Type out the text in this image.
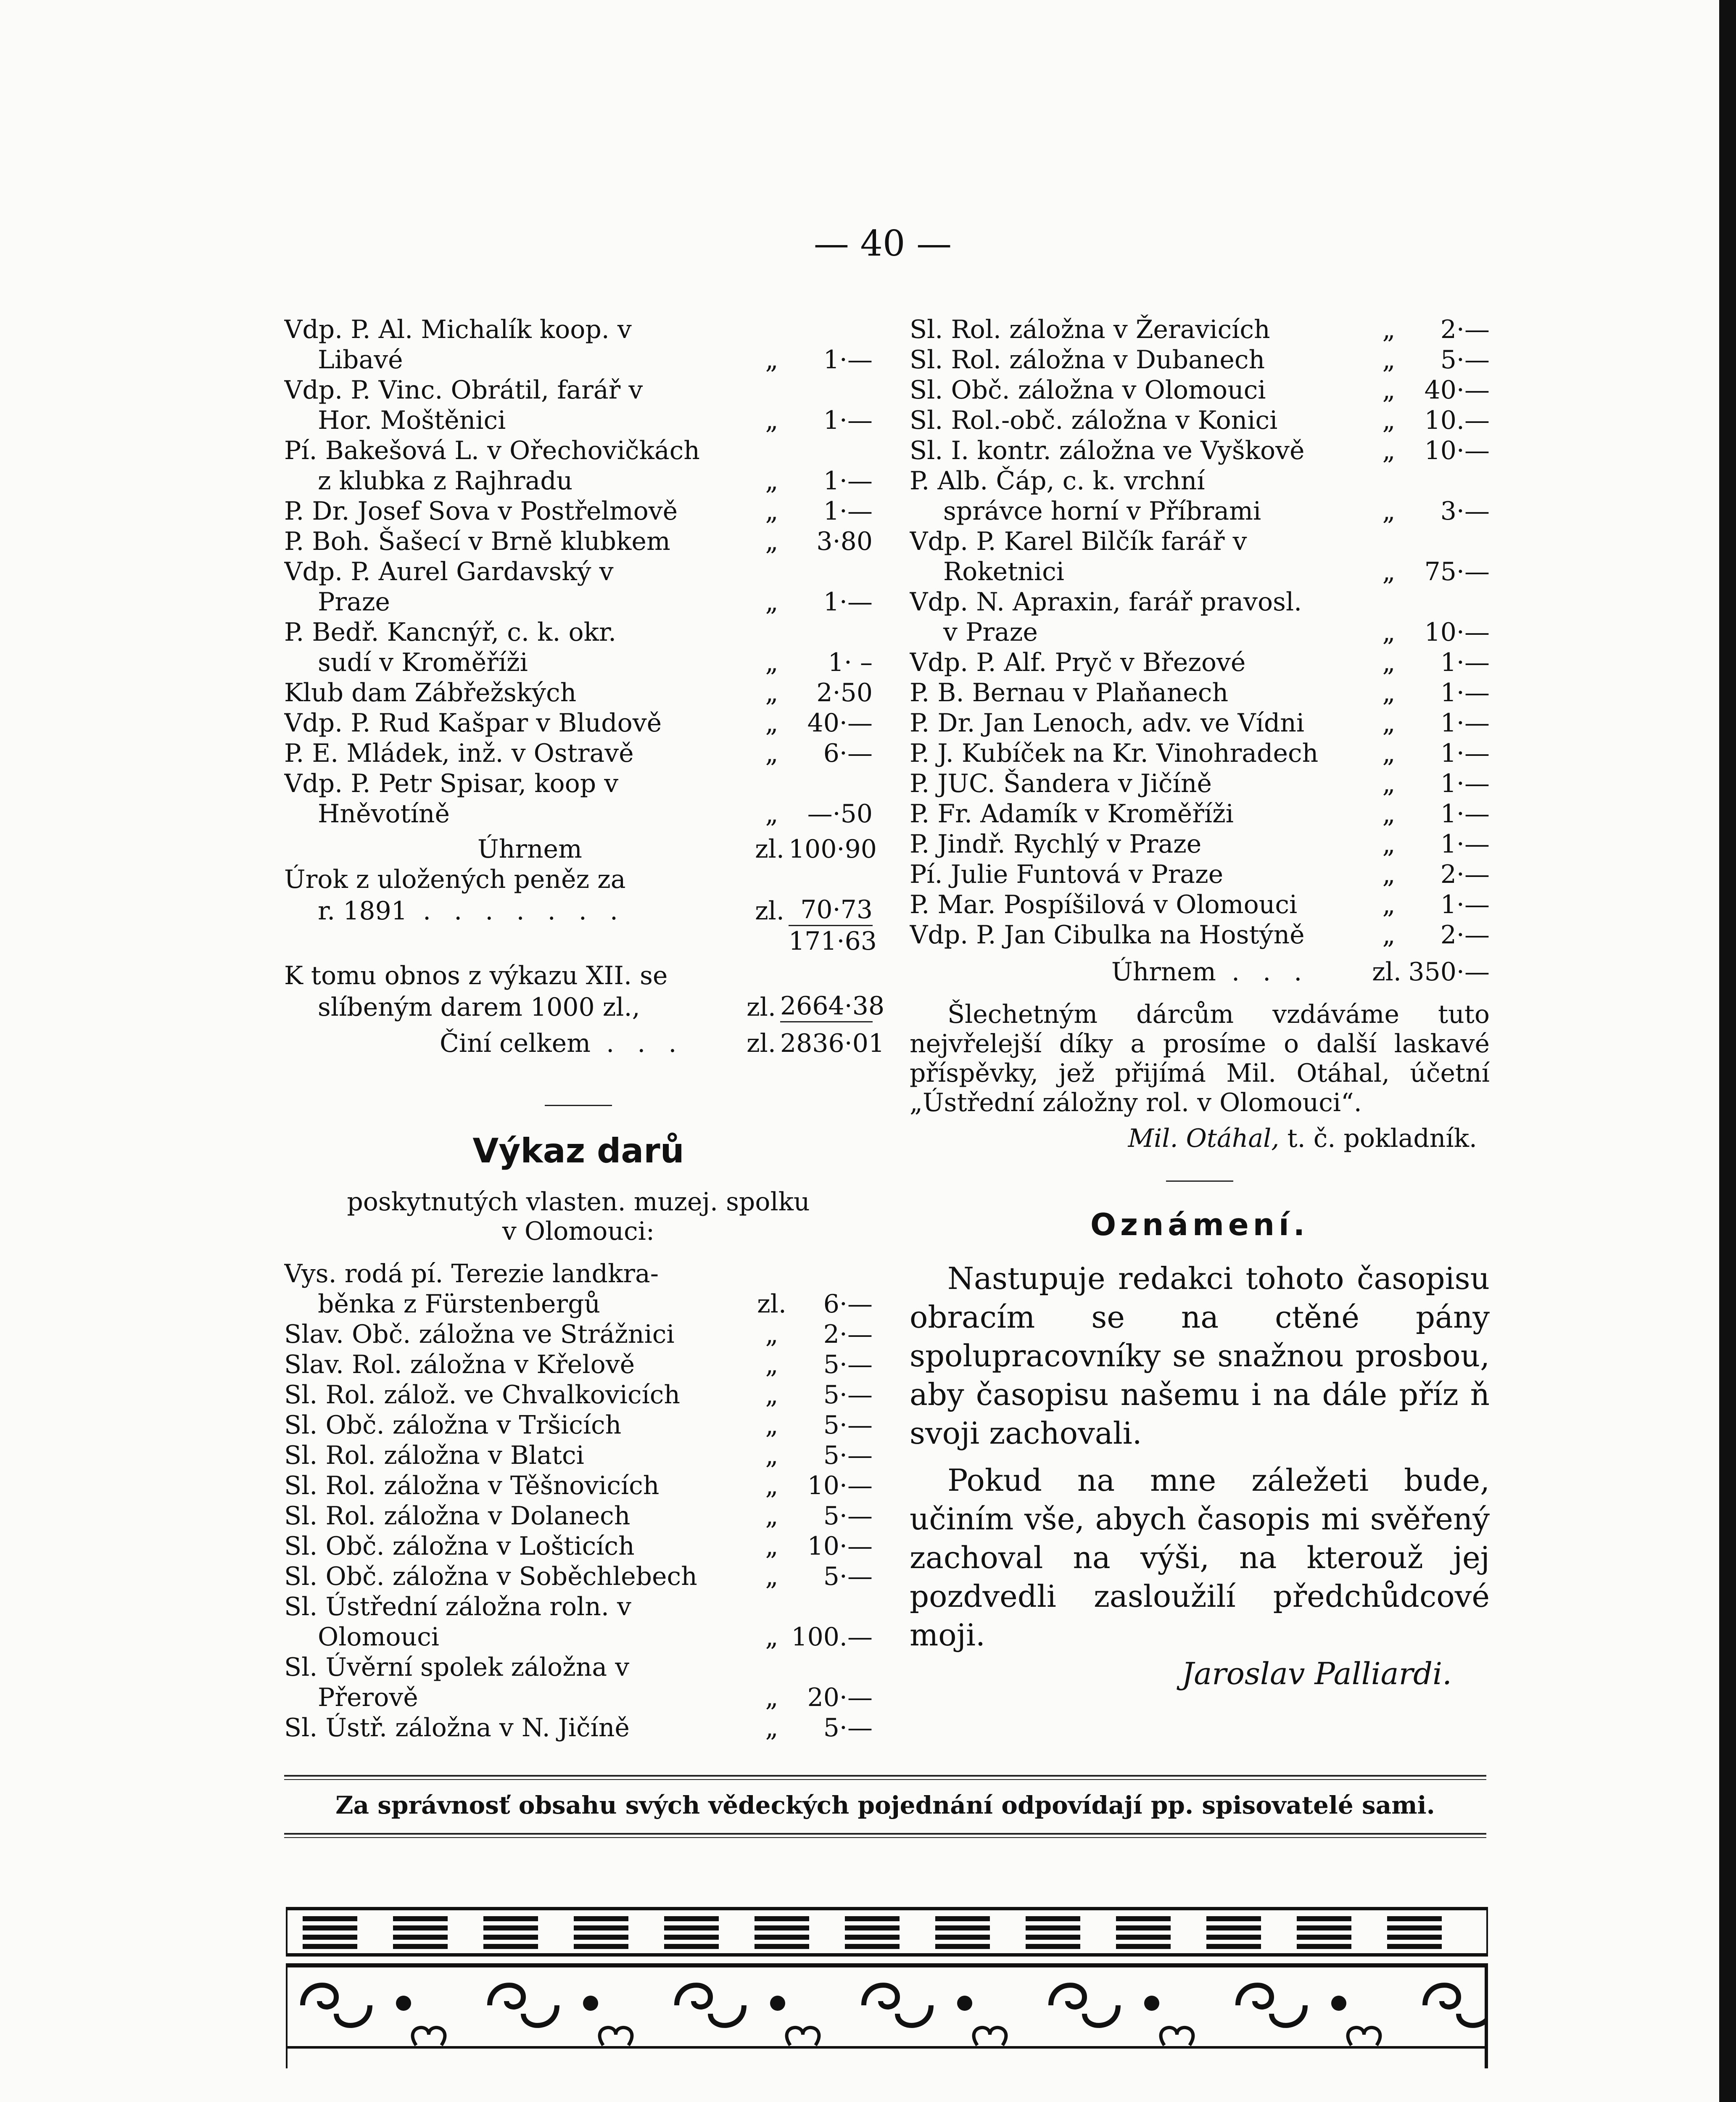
— 40 —
Vdp. P. Al. Michalík koop. v
Libavé	„	1·—
Vdp. P. Vinc. Obrátil, farář v
Hor. Moštěnici	„	1·—
Pí. Bakešová L. v Ořechovičkách
z klubka z Rajhradu	„	1·—
P. Dr. Josef Sova v Postřelmově	„	1·—
P. Boh. Šašecí v Brně klubkem	„	3·80
Vdp. P. Aurel Gardavský v
Praze	„	1·—
P. Bedř. Kancnýř, c. k. okr.
sudí v Kroměříži	„	1· –
Klub dam Zábřežských	„	2·50
Vdp. P. Rud Kašpar v Bludově	„	40·—
P. E. Mládek, inž. v Ostravě	„	6·—
Vdp. P. Petr Spisar, koop v
Hněvotíně	„	—·50
Úhrnem	zl. 100·90
Úrok z uložených peněz za
r. 1891 . . . . . . .	zl. 70·73
171·63
K tomu obnos z výkazu XII. se
slíbeným darem 1000 zl.,	zl. 2664·38
Činí celkem . . .	zl. 2836·01
Výkaz darů
poskytnutých vlasten. muzej. spolku
v Olomouci:
Vys. rodá pí. Terezie landkra-
běnka z Fürstenbergů	zl.	6·—
Slav. Obč. záložna ve Strážnici	„	2·—
Slav. Rol. záložna v Křelově	„	5·—
Sl. Rol. zálož. ve Chvalkovicích	„	5·—
Sl. Obč. záložna v Tršicích	„	5·—
Sl. Rol. záložna v Blatci	„	5·—
Sl. Rol. záložna v Těšnovicích	„	10·—
Sl. Rol. záložna v Dolanech	„	5·—
Sl. Obč. záložna v Lošticích	„	10·—
Sl. Obč. záložna v Soběchlebech	„	5·—
Sl. Ústřední záložna roln. v
Olomouci	„ 100.—
Sl. Úvěrní spolek záložna v
Přerově	„	20·—
Sl. Ústř. záložna v N. Jičíně	„	5·—
Sl. Rol. záložna v Žeravicích	„	2·—
Sl. Rol. záložna v Dubanech	„	5·—
Sl. Obč. záložna v Olomouci	„	40·—
Sl. Rol.-obč. záložna v Konici	„	10.—
Sl. I. kontr. záložna ve Vyškově	„	10·—
P. Alb. Čáp, c. k. vrchní
správce horní v Příbrami	„	3·—
Vdp. P. Karel Bilčík farář v
Roketnici	„	75·—
Vdp. N. Apraxin, farář pravosl.
v Praze	„	10·—
Vdp. P. Alf. Pryč v Březové	„	1·—
P. B. Bernau v Plaňanech	„	1·—
P. Dr. Jan Lenoch, adv. ve Vídni	„	1·—
P. J. Kubíček na Kr. Vinohradech	„	1·—
P. JUC. Šandera v Jičíně	„	1·—
P. Fr. Adamík v Kroměříži	„	1·—
P. Jindř. Rychlý v Praze	„	1·—
Pí. Julie Funtová v Praze	„	2·—
P. Mar. Pospíšilová v Olomouci	„	1·—
Vdp. P. Jan Cibulka na Hostýně	„	2·—
Úhrnem . . .	zl. 350·—
Šlechetným dárcům vzdáváme tuto nejvřelejší díky a prosíme o další laskavé příspěvky, jež přijímá Mil. Otáhal, účetní „Ústřední záložny rol. v Olomouci“.
Mil. Otáhal, t. č. pokladník.
Oznámení.
Nastupuje redakci tohoto časopisu obracím se na ctěné pány spolupracovníky se snažnou prosbou, aby časopisu našemu i na dále příz ň svoji zachovali.
Pokud na mne záležeti bude, učiním vše, abych časopis mi svěřený zachoval na výši, na kterouž jej pozdvedli zasloužilí předchůdcové moji.
Jaroslav Palliardi.
Za správnosť obsahu svých vědeckých pojednání odpovídají pp. spisovatelé sami.
